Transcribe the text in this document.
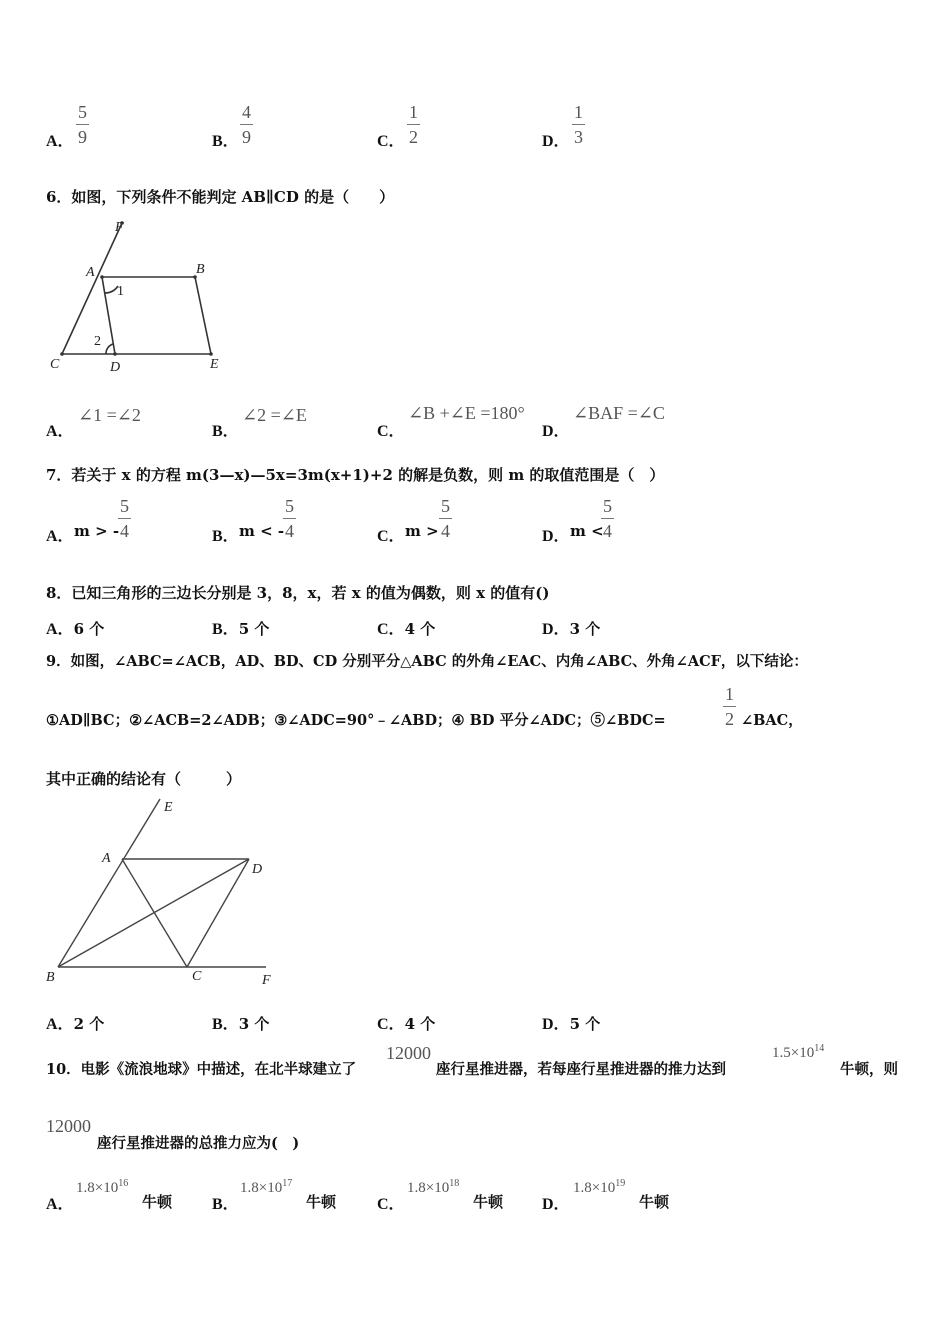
A．
5
9	B．
4
9	C．
1
2	D．
1
3
6．如图，下列条件不能判定 AB∥CD 的是（　　）
F
A	B
C	D	E
1
2
A．
∠1 =∠2
B．
∠2 =∠E
C．
∠B +∠E =180°
D．
∠BAF =∠C
7．若关于 x 的方程 m(3—x)—5x=3m(x+1)+2 的解是负数，则 m 的取值范围是（　）
A． m > -
5
4	B． m < -
5
4	C． m >
5
4	D． m <
5
4
8．已知三角形的三边长分别是 3，8，x，若 x 的值为偶数，则 x 的值有()
A．6 个	B．5 个	C．4 个	D．3 个
9．如图，∠ABC=∠ACB，AD、BD、CD 分别平分△ABC 的外角∠EAC、内角∠ABC、外角∠ACF，以下结论：
①AD∥BC；②∠ACB=2∠ADB；③∠ADC=90°﹣∠ABD；④ BD 平分∠ADC；⑤∠BDC=
1
2 ∠BAC，
其中正确的结论有（　　　）
E
A
D
B	C	F
A．2 个	B．3 个	C．4 个	D．5 个
10．电影《流浪地球》中描述，在北半球建立了
12000
座行星推进器，若每座行星推进器的推力达到
$1.5\times 10^{14}$
牛顿，则
12000
座行星推进器的总推力应为(　)
A．
$1.8\times 10^{16}$
牛顿 B．
$1.8\times 10^{17}$
牛顿	C．
$1.8\times 10^{18}$
牛顿 D．
$1.8\times 10^{19}$
牛顿
